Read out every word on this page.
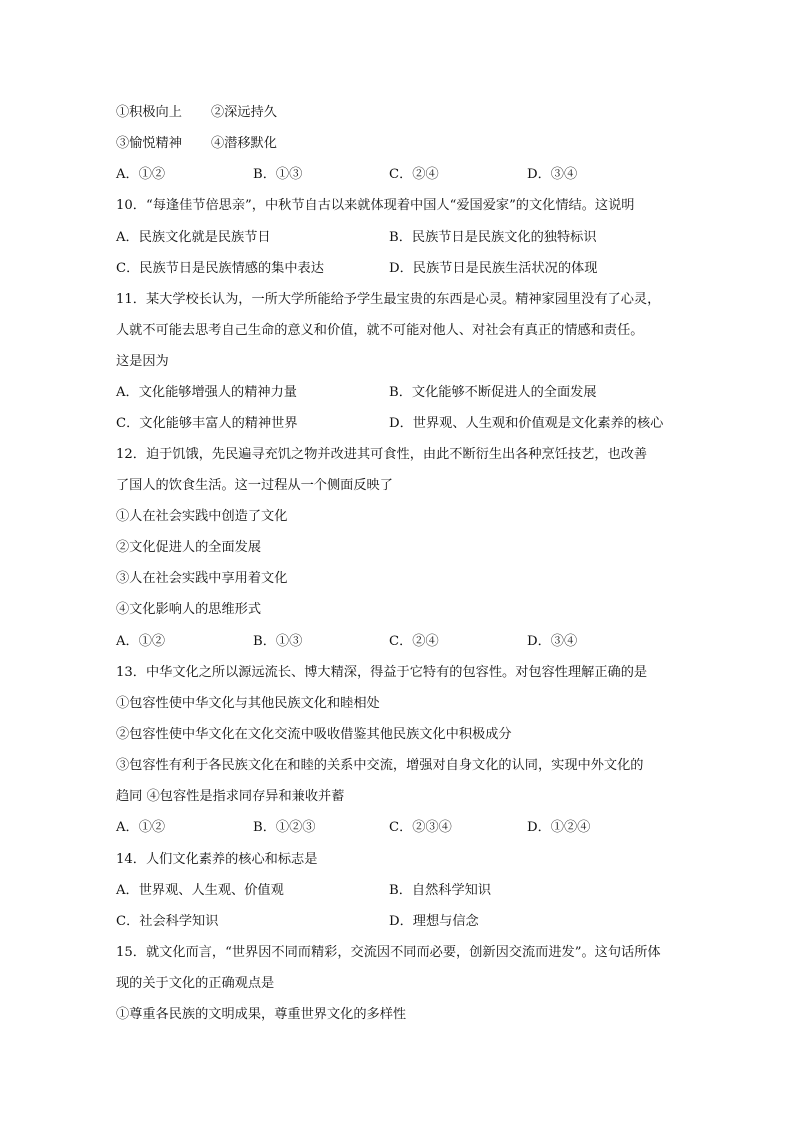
①积极向上 ②深远持久
③愉悦精神 ④潜移默化
A．①②	B．①③	C．②④	D．③④
10．“每逢佳节倍思亲”，中秋节自古以来就体现着中国人“爱国爱家”的文化情结。这说明
A．民族文化就是民族节日	B．民族节日是民族文化的独特标识
C．民族节日是民族情感的集中表达	D．民族节日是民族生活状况的体现
11．某大学校长认为，一所大学所能给予学生最宝贵的东西是心灵。精神家园里没有了心灵，
人就不可能去思考自己生命的意义和价值，就不可能对他人、对社会有真正的情感和责任。
这是因为
A．文化能够增强人的精神力量	B．文化能够不断促进人的全面发展
C．文化能够丰富人的精神世界	D．世界观、人生观和价值观是文化素养的核心
12．迫于饥饿，先民遍寻充饥之物并改进其可食性，由此不断衍生出各种烹饪技艺，也改善
了国人的饮食生活。这一过程从一个侧面反映了
①人在社会实践中创造了文化
②文化促进人的全面发展
③人在社会实践中享用着文化
④文化影响人的思维形式
A．①②	B．①③	C．②④	D．③④
13．中华文化之所以源远流长、博大精深，得益于它特有的包容性。对包容性理解正确的是
①包容性使中华文化与其他民族文化和睦相处
②包容性使中华文化在文化交流中吸收借鉴其他民族文化中积极成分
③包容性有利于各民族文化在和睦的关系中交流，增强对自身文化的认同，实现中外文化的
趋同 ④包容性是指求同存异和兼收并蓄
A．①②	B．①②③	C．②③④	D．①②④
14．人们文化素养的核心和标志是
A．世界观、人生观、价值观	B．自然科学知识
C．社会科学知识	D．理想与信念
15．就文化而言，“世界因不同而精彩，交流因不同而必要，创新因交流而进发”。这句话所体
现的关于文化的正确观点是
①尊重各民族的文明成果，尊重世界文化的多样性
